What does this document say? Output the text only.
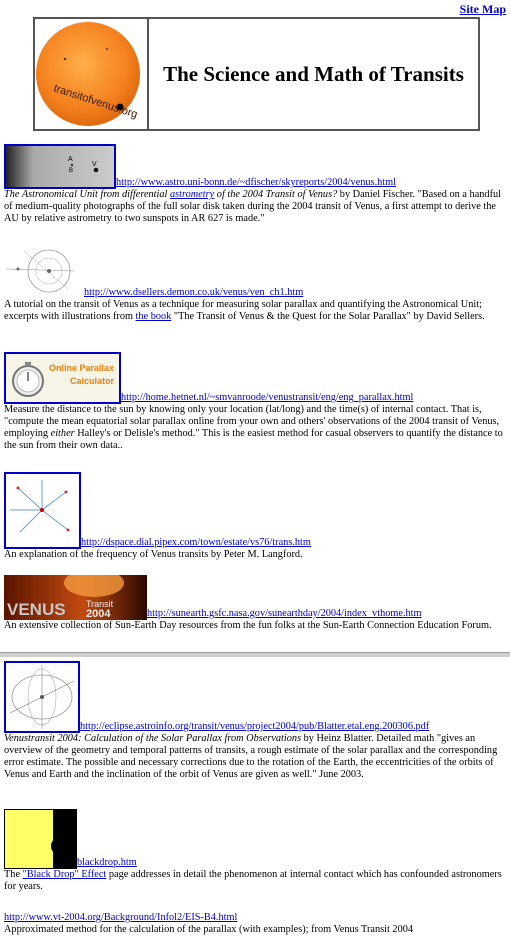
Site Map
transitofvenus.org
The Science and Math of Transits
A
V
B
http://www.astro.uni-bonn.de/~dfischer/skyreports/2004/venus.html

The Astronomical Unit from differential astrometry of the 2004 Transit of Venus? by Daniel Fischer. "Based on a handful of medium-quality photographs of the full solar disk taken during the 2004 transit of Venus, a first attempt to derive the AU by relative astrometry to two sunspots in AR 627 is made."

http://www.dsellers.demon.co.uk/venus/ven_ch1.htm

A tutorial on the transit of Venus as a technique for measuring solar parallax and quantifying the Astronomical Unit; excerpts with illustrations from the book "The Transit of Venus & the Quest for the Solar Parallax" by David Sellers.

Online Parallax
Calculator
http://home.hetnet.nl/~smvanroode/venustransit/eng/eng_parallax.html

Measure the distance to the sun by knowing only your location (lat/long) and the time(s) of internal contact. That is, "compute the mean equatorial solar parallax online from your own and others' observations of the 2004 transit of Venus, employing either Halley's or Delisle's method." This is the easiest method for casual observers to quantify the distance to the sun from their own data..

http://dspace.dial.pipex.com/town/estate/vs76/trans.htm

An explanation of the frequency of Venus transits by Peter M. Langford.

VENUS Transit
2004	http://sunearth.gsfc.nasa.gov/sunearthday/2004/index_vthome.htm

An extensive collection of Sun-Earth Day resources from the fun folks at the Sun-Earth Connection Education Forum.

http://eclipse.astroinfo.org/transit/venus/project2004/pub/Blatter.etal.eng.200306.pdf

Venustransit 2004: Calculation of the Solar Parallax from Observations by Heinz Blatter. Detailed math "gives an overview of the geometry and temporal patterns of transits, a rough estimate of the solar parallax and the corresponding error estimate. The possible and necessary corrections due to the rotation of the Earth, the eccentricities of the orbits of Venus and Earth and the inclination of the orbit of Venus are given as well." June 2003.

blackdrop.htm

The "Black Drop" Effect page addresses in detail the phenomenon at internal contact which has confounded astronomers for years.

http://www.vt-2004.org/Background/Infol2/EIS-B4.html

Approximated method for the calculation of the parallax (with examples); from Venus Transit 2004
